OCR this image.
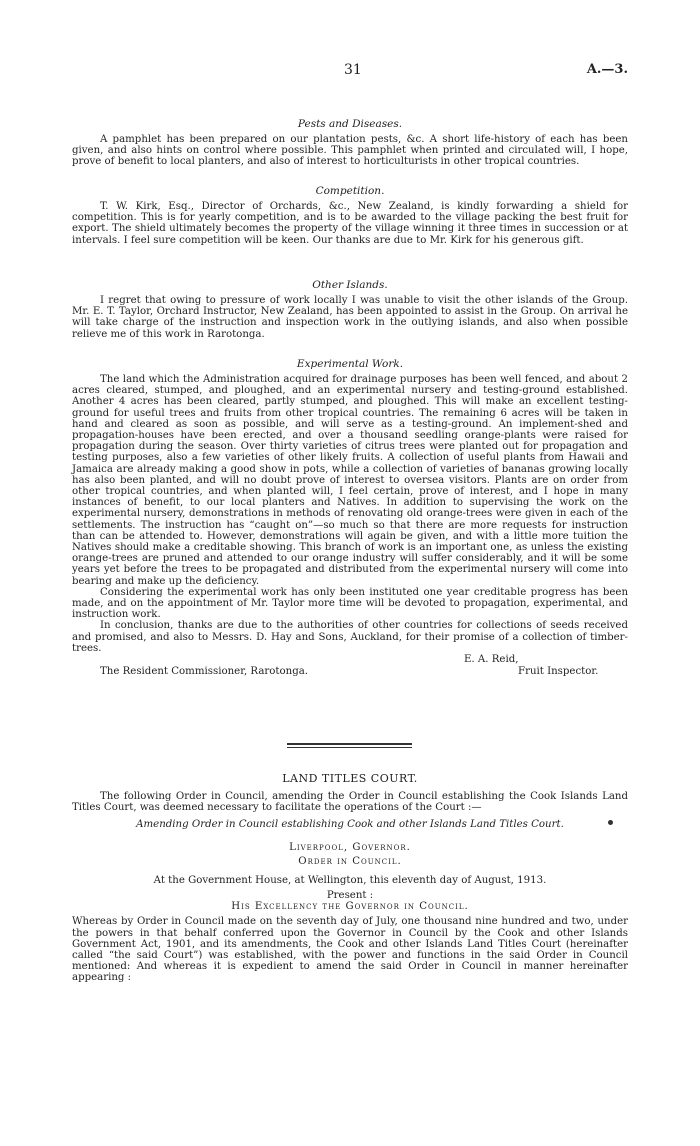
31	A.—3.

Pests and Diseases.

A pamphlet has been prepared on our plantation pests, &c. A short life-history of each has been given, and also hints on control where possible. This pamphlet when printed and circulated will, I hope, prove of benefit to local planters, and also of interest to horticulturists in other tropical countries.

Competition.

T. W. Kirk, Esq., Director of Orchards, &c., New Zealand, is kindly forwarding a shield for competition. This is for yearly competition, and is to be awarded to the village packing the best fruit for export. The shield ultimately becomes the property of the village winning it three times in succession or at intervals. I feel sure competition will be keen. Our thanks are due to Mr. Kirk for his generous gift.

Other Islands.

I regret that owing to pressure of work locally I was unable to visit the other islands of the Group. Mr. E. T. Taylor, Orchard Instructor, New Zealand, has been appointed to assist in the Group. On arrival he will take charge of the instruction and inspection work in the outlying islands, and also when possible relieve me of this work in Rarotonga.

Experimental Work.

The land which the Administration acquired for drainage purposes has been well fenced, and about 2 acres cleared, stumped, and ploughed, and an experimental nursery and testing-ground established. Another 4 acres has been cleared, partly stumped, and ploughed. This will make an excellent testing-ground for useful trees and fruits from other tropical countries. The remaining 6 acres will be taken in hand and cleared as soon as possible, and will serve as a testing-ground. An implement-shed and propagation-houses have been erected, and over a thousand seedling orange-plants were raised for propagation during the season. Over thirty varieties of citrus trees were planted out for propagation and testing purposes, also a few varieties of other likely fruits. A collection of useful plants from Hawaii and Jamaica are already making a good show in pots, while a collection of varieties of bananas growing locally has also been planted, and will no doubt prove of interest to oversea visitors. Plants are on order from other tropical countries, and when planted will, I feel certain, prove of interest, and I hope in many instances of benefit, to our local planters and Natives. In addition to supervising the work on the experimental nursery, demonstrations in methods of renovating old orange-trees were given in each of the settlements. The instruction has “caught on”—so much so that there are more requests for instruction than can be attended to. However, demonstrations will again be given, and with a little more tuition the Natives should make a creditable showing. This branch of work is an important one, as unless the existing orange-trees are pruned and attended to our orange industry will suffer considerably, and it will be some years yet before the trees to be propagated and distributed from the experimental nursery will come into bearing and make up the deficiency.

Considering the experimental work has only been instituted one year creditable progress has been made, and on the appointment of Mr. Taylor more time will be devoted to propagation, experimental, and instruction work.

In conclusion, thanks are due to the authorities of other countries for collections of seeds received and promised, and also to Messrs. D. Hay and Sons, Auckland, for their promise of a collection of timber-trees.

E. A. Reid,
Fruit Inspector.
The Resident Commissioner, Rarotonga.

LAND TITLES COURT.

The following Order in Council, amending the Order in Council establishing the Cook Islands Land Titles Court, was deemed necessary to facilitate the operations of the Court :—

Amending Order in Council establishing Cook and other Islands Land Titles Court.

Liverpool, Governor.

Order in Council.

At the Government House, at Wellington, this eleventh day of August, 1913.

Present :

His Excellency the Governor in Council.

Whereas by Order in Council made on the seventh day of July, one thousand nine hundred and two, under the powers in that behalf conferred upon the Governor in Council by the Cook and other Islands Government Act, 1901, and its amendments, the Cook and other Islands Land Titles Court (hereinafter called “the said Court”) was established, with the power and functions in the said Order in Council mentioned: And whereas it is expedient to amend the said Order in Council in manner hereinafter appearing :
